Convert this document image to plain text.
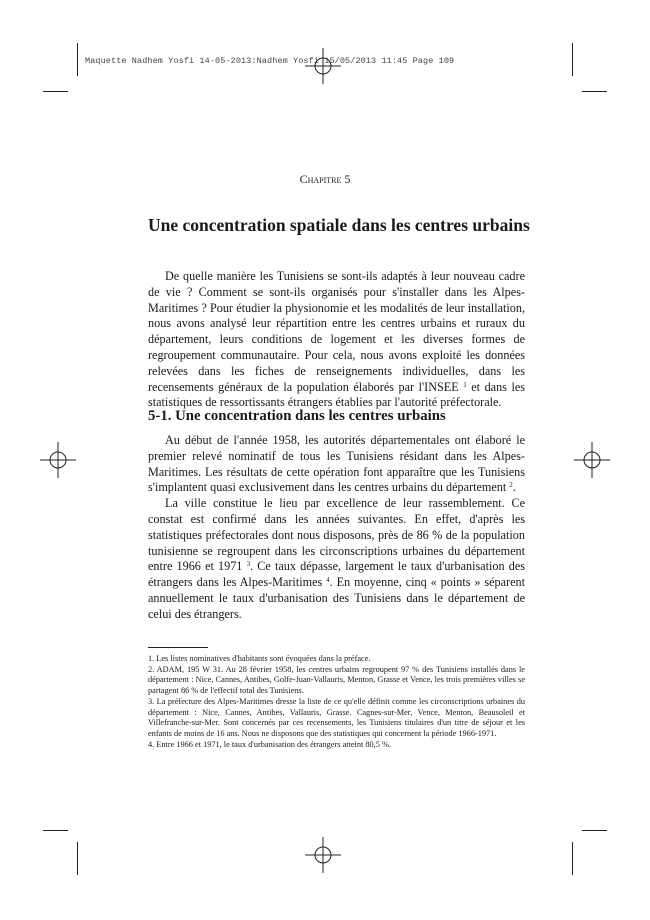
Maquette Nadhem Yosfi 14-05-2013:Nadhem Yosfi 15/05/2013 11:45 Page 109
Chapitre 5
Une concentration spatiale dans les centres urbains

De quelle manière les Tunisiens se sont-ils adaptés à leur nouveau cadre de vie ? Comment se sont-ils organisés pour s'installer dans les Alpes-Maritimes ? Pour étudier la physionomie et les modalités de leur installation, nous avons analysé leur répartition entre les centres urbains et ruraux du département, leurs conditions de logement et les diverses formes de regroupement communautaire. Pour cela, nous avons exploité les données relevées dans les fiches de renseignements individuelles, dans les recensements généraux de la population élaborés par l'INSEE $^1$ et dans les statistiques de ressortissants étrangers établies par l'autorité préfectorale.

5-1. Une concentration dans les centres urbains

Au début de l'année 1958, les autorités départementales ont élaboré le premier relevé nominatif de tous les Tunisiens résidant dans les Alpes-Maritimes. Les résultats de cette opération font apparaître que les Tunisiens s'implantent quasi exclusivement dans les centres urbains du département $^2$.

La ville constitue le lieu par excellence de leur rassemblement. Ce constat est confirmé dans les années suivantes. En effet, d'après les statistiques préfectorales dont nous disposons, près de 86 % de la population tunisienne se regroupent dans les circonscriptions urbaines du département entre 1966 et 1971 $^3$. Ce taux dépasse, largement le taux d'urbanisation des étrangers dans les Alpes-Maritimes $^4$. En moyenne, cinq « points » séparent annuellement le taux d'urbanisation des Tunisiens dans le département de celui des étrangers.

1. Les listes nominatives d'habitants sont évoquées dans la préface.

2. ADAM, 195 W 31. Au 28 février 1958, les centres urbains regroupent 97 % des Tunisiens installés dans le département : Nice, Cannes, Antibes, Golfe-Juan-Vallauris, Menton, Grasse et Vence, les trois premières villes se partagent 86 % de l'effectif total des Tunisiens.

3. La préfecture des Alpes-Maritimes dresse la liste de ce qu'elle définit comme les circonscriptions urbaines du département : Nice, Cannes, Antibes, Vallauris, Grasse. Cagnes-sur-Mer, Vence, Menton, Beausoleil et Villefranche-sur-Mer. Sont concernés par ces recensements, les Tunisiens titulaires d'un titre de séjour et les enfants de moins de 16 ans. Nous ne disposons que des statistiques qui concernent la période 1966-1971.

4. Entre 1966 et 1971, le taux d'urbanisation des étrangers atteint 80,5 %.
